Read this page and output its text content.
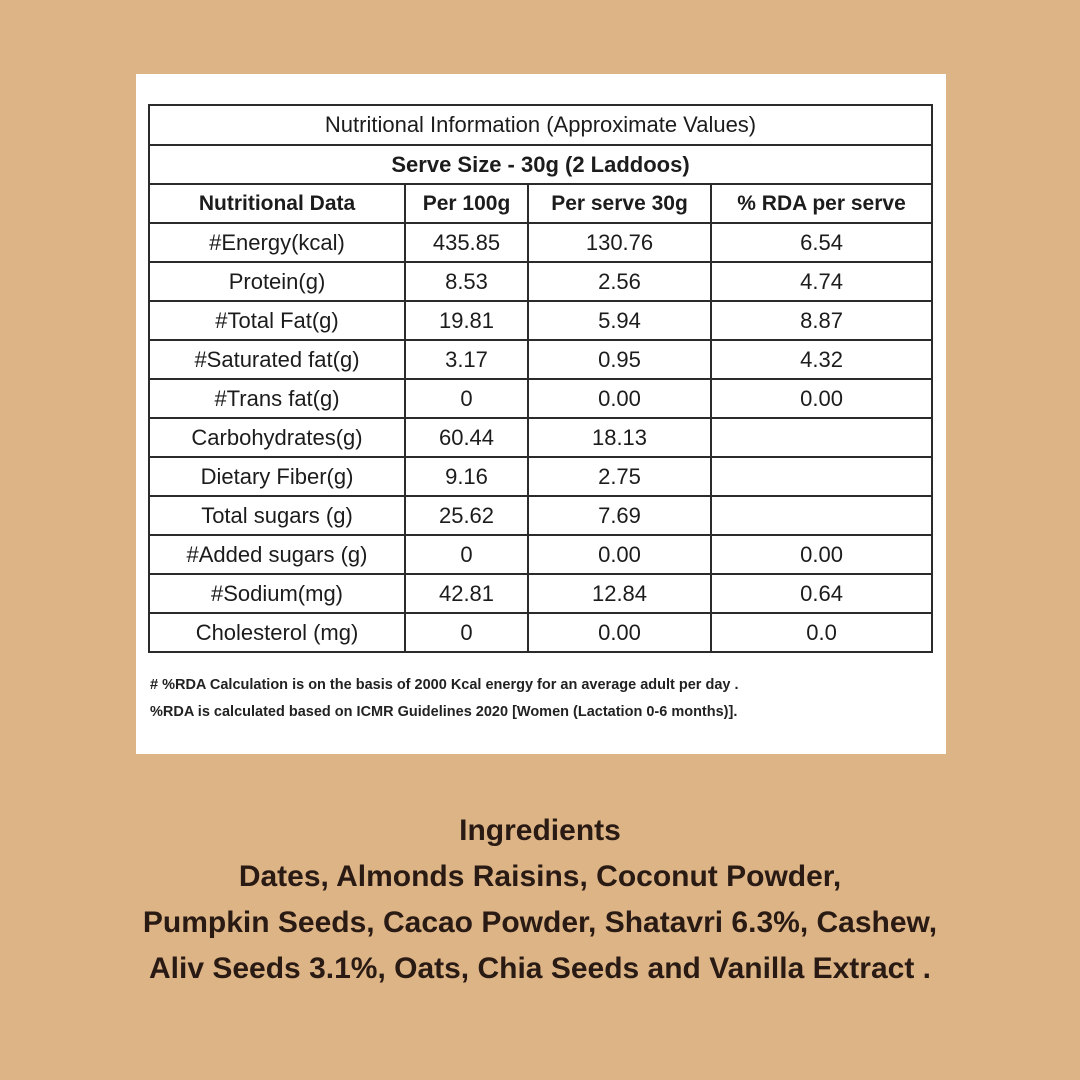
Nutritional Information (Approximate Values)			
Serve Size - 30g (2 Laddoos)			
Nutritional Data	Per 100g	Per serve 30g	% RDA per serve
#Energy(kcal)	435.85	130.76	6.54
Protein(g)	8.53	2.56	4.74
#Total Fat(g)	19.81	5.94	8.87
#Saturated fat(g)	3.17	0.95	4.32
#Trans fat(g)	0	0.00	0.00
Carbohydrates(g)	60.44	18.13	
Dietary Fiber(g)	9.16	2.75	
Total sugars (g)	25.62	7.69	
#Added sugars (g)	0	0.00	0.00
#Sodium(mg)	42.81	12.84	0.64
Cholesterol (mg)	0	0.00	0.0
# %RDA Calculation is on the basis of 2000 Kcal energy for an average adult per day .
%RDA is calculated based on ICMR Guidelines 2020 [Women (Lactation 0-6 months)].
Ingredients
Dates, Almonds Raisins, Coconut Powder,
Pumpkin Seeds, Cacao Powder, Shatavri 6.3%, Cashew,
Aliv Seeds 3.1%, Oats, Chia Seeds and Vanilla Extract .
